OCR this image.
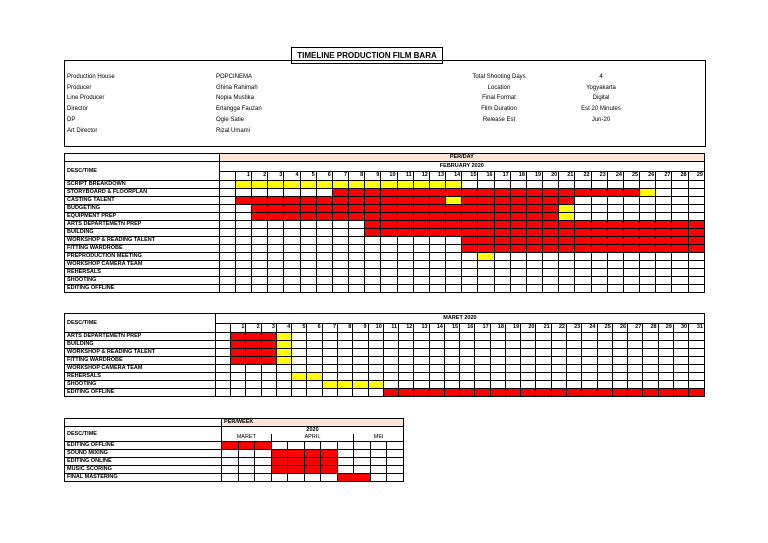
TIMELINE PRODUCTION FILM BARA
Production House	POPCINEMA
Producer	Ghina Rahimah
Line Producer	Nopia Mustika
Director	Erlangga Fauzan
DP	Ogie Satie
Art Director	Rizal Umami
Total Shooting Days	4
Location	Yogyakarta
Final Format	Digital
Film Duration	Est 20 Minutes
Release Est	Jun-20
	PER/DAY																													
DESC/TIME	FEBRUARY 2020																													
		1	2	3	4	5	6	7	8	9	10	11	12	13	14	15	16	17	18	19	20	21	22	23	24	25	26	27	28	29
SCRIPT BREAKDOWN																														
STORYBOARD & FLOORPLAN																														
CASTING TALENT																														
BUDGETING																														
EQUIPMENT PREP																														
ARTS DEPARTEMETN PREP																														
BUILDING																														
WORKSHOP & READING TALENT																														
FITTING WARDROBE																														
PREPRODUCTION MEETING																														
WORKSHOP CAMERA TEAM																														
REHERSALS																														
SHOOTING																														
EDITING OFFLINE																														
DESC/TIME	MARET 2020																															
		1	2	3	4	5	6	7	8	9	10	11	12	13	14	15	16	17	18	19	20	21	22	23	24	25	26	27	28	29	30	31
ARTS DEPARTEMETN PREP																																
BUILDING																																
WORKSHOP & READING TALENT																																
FITTING WARDROBE																																
WORKSHOP CAMERA TEAM																																
REHERSALS																																
SHOOTING																																
EDITING OFFLINE																																
	PER/WEEK										
DESC/TIME	2020										
	MARET			APRIL					MEI		
EDITING OFFLINE											
SOUND MIXING											
EDITING ONLINE											
MUSIC SCORING											
FINAL MASTERING											
